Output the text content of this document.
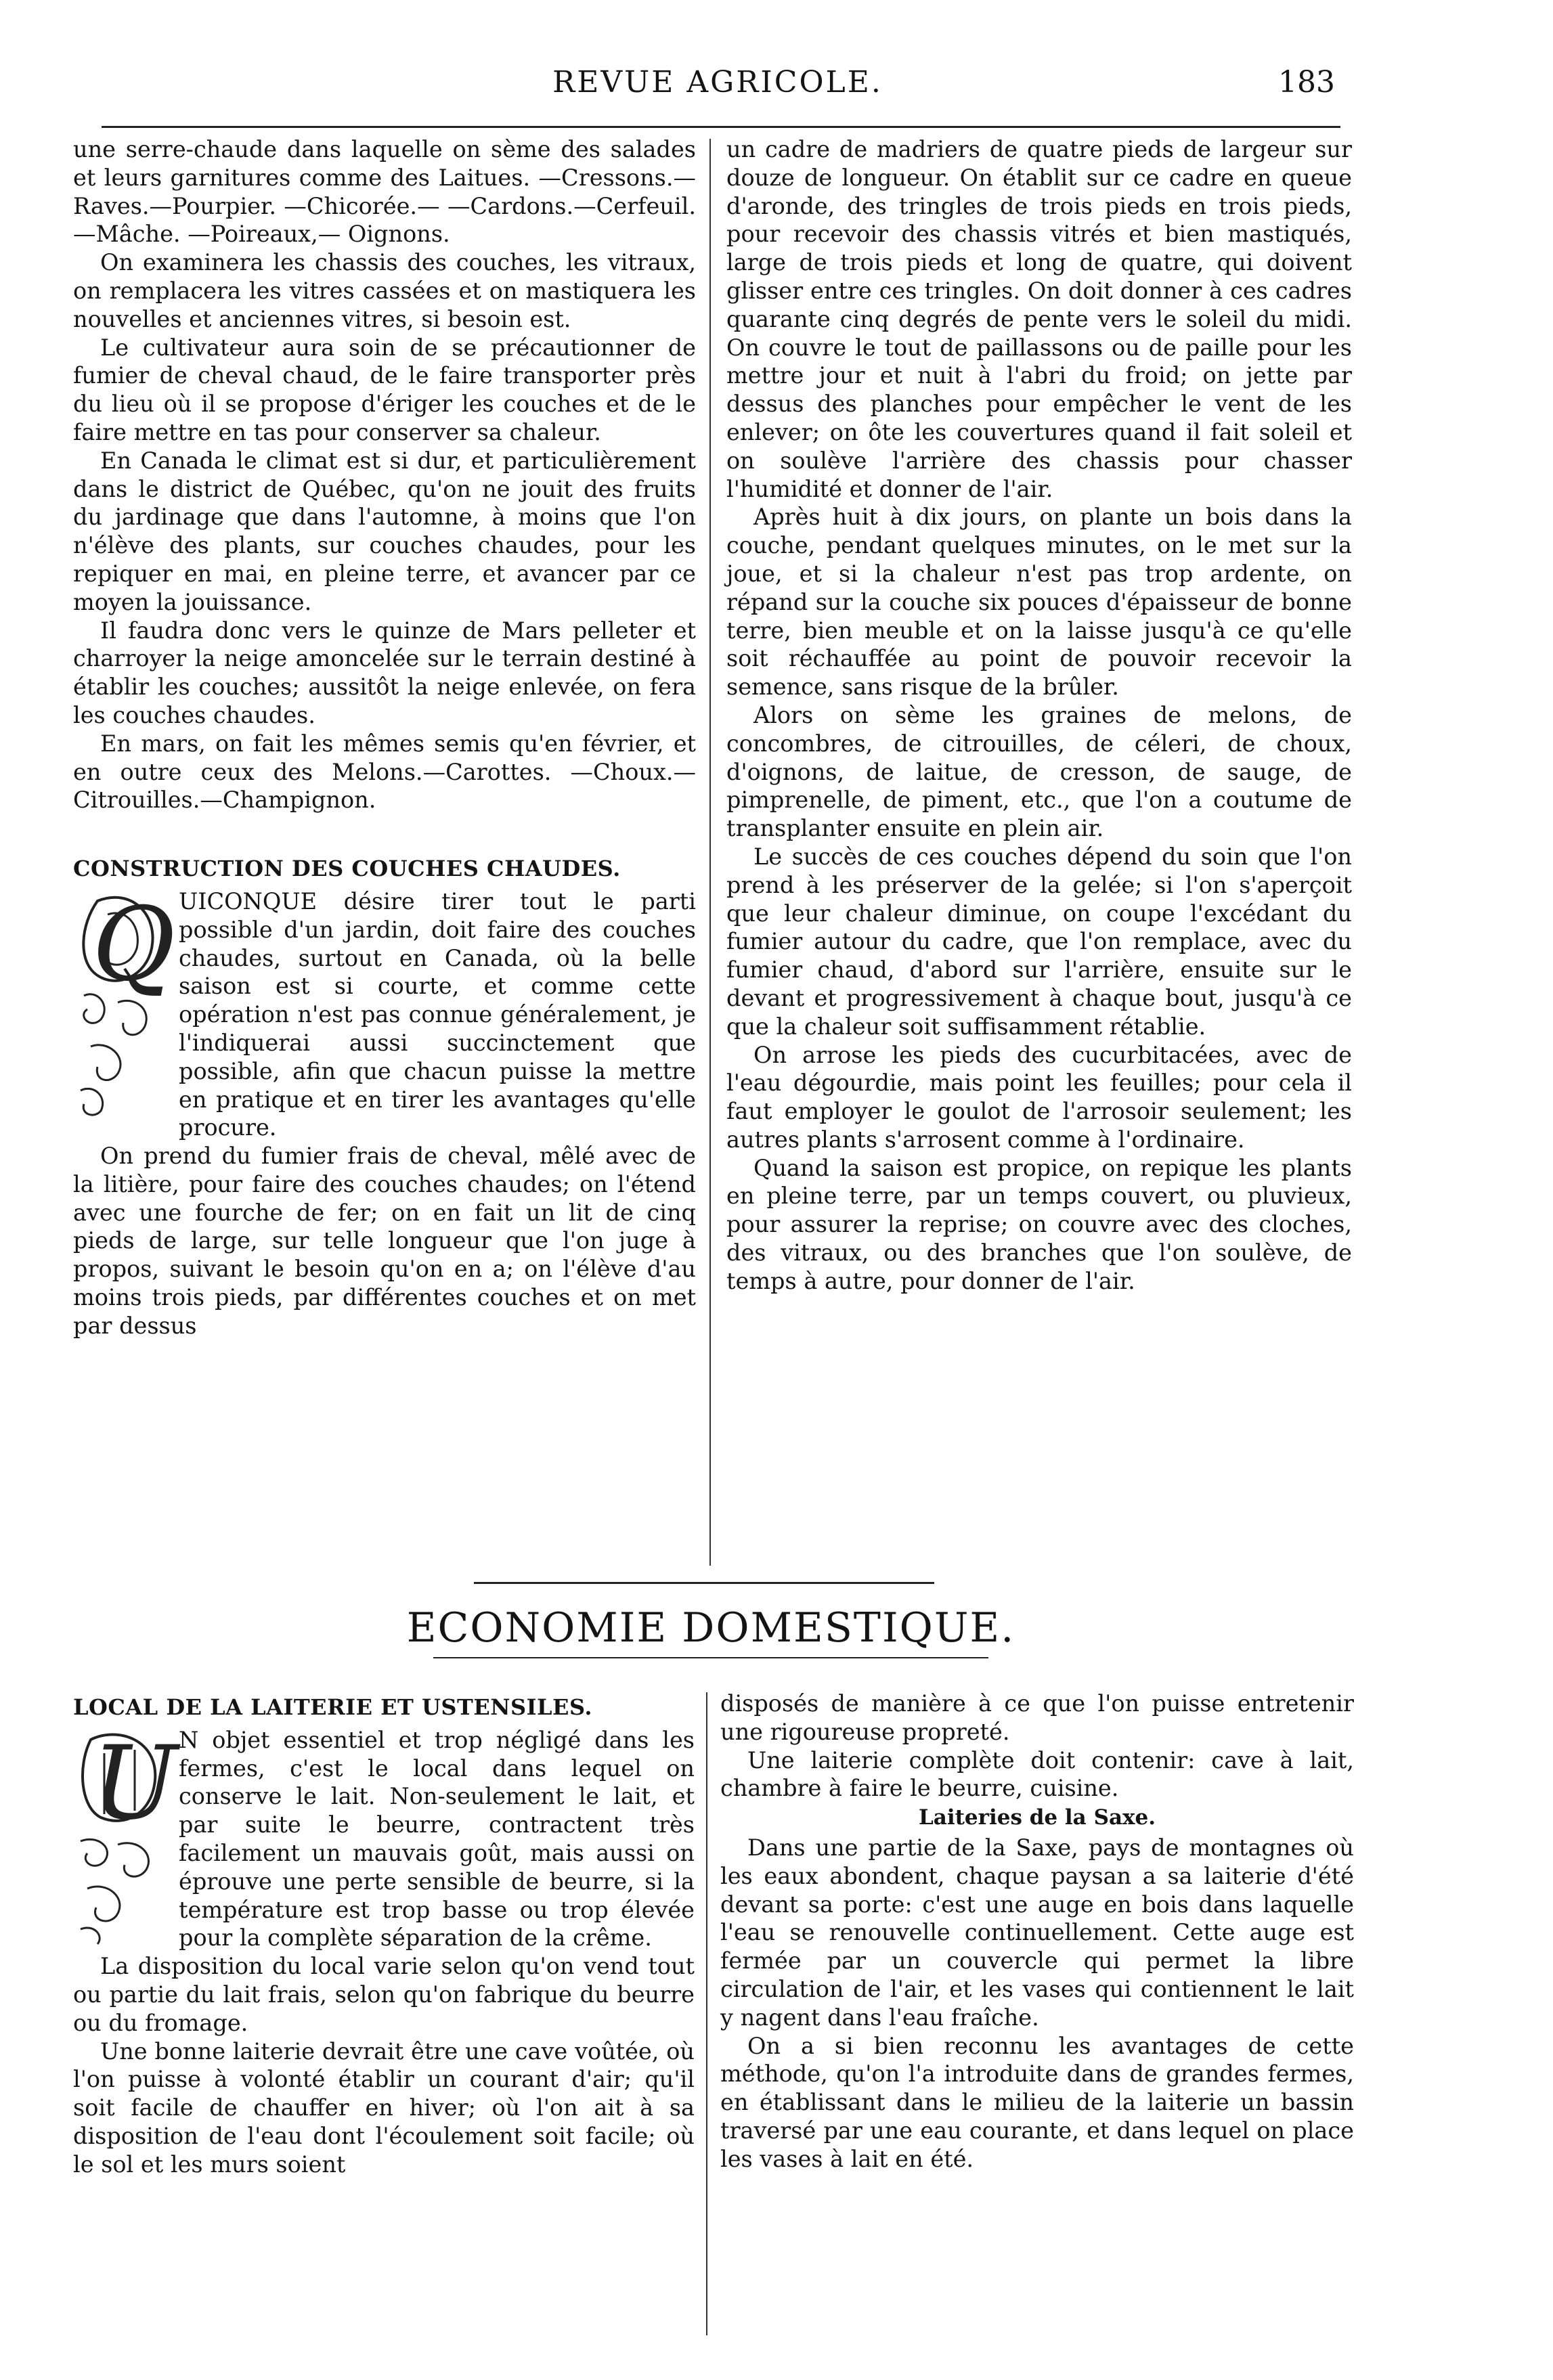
REVUE AGRICOLE.	183

une serre-chaude dans laquelle on sème des salades et leurs garnitures comme des Laitues. —Cressons.—Raves.—Pourpier. —Chicorée.— —Cardons.—Cerfeuil. —Mâche. —Poireaux,— Oignons.

On examinera les chassis des couches, les vitraux, on remplacera les vitres cassées et on mastiquera les nouvelles et anciennes vitres, si besoin est.

Le cultivateur aura soin de se précautionner de fumier de cheval chaud, de le faire transporter près du lieu où il se propose d'ériger les couches et de le faire mettre en tas pour conserver sa chaleur.

En Canada le climat est si dur, et particulièrement dans le district de Québec, qu'on ne jouit des fruits du jardinage que dans l'automne, à moins que l'on n'élève des plants, sur couches chaudes, pour les repiquer en mai, en pleine terre, et avancer par ce moyen la jouissance.

Il faudra donc vers le quinze de Mars pelleter et charroyer la neige amoncelée sur le terrain destiné à établir les couches; aussitôt la neige enlevée, on fera les couches chaudes.

En mars, on fait les mêmes semis qu'en février, et en outre ceux des Melons.—Carottes. —Choux.—Citrouilles.—Champignon.

CONSTRUCTION DES COUCHES CHAUDES.

Q UICONQUE désire tirer tout le parti possible d'un jardin, doit faire des couches chaudes, surtout en Canada, où la belle saison est si courte, et comme cette opération n'est pas connue généralement, je l'indiquerai aussi succinctement que possible, afin que chacun puisse la mettre en pratique et en tirer les avantages qu'elle procure.

On prend du fumier frais de cheval, mêlé avec de la litière, pour faire des couches chaudes; on l'étend avec une fourche de fer; on en fait un lit de cinq pieds de large, sur telle longueur que l'on juge à propos, suivant le besoin qu'on en a; on l'élève d'au moins trois pieds, par différentes couches et on met par dessus

un cadre de madriers de quatre pieds de largeur sur douze de longueur. On établit sur ce cadre en queue d'aronde, des tringles de trois pieds en trois pieds, pour recevoir des chassis vitrés et bien mastiqués, large de trois pieds et long de quatre, qui doivent glisser entre ces tringles. On doit donner à ces cadres quarante cinq degrés de pente vers le soleil du midi. On couvre le tout de paillassons ou de paille pour les mettre jour et nuit à l'abri du froid; on jette par dessus des planches pour empêcher le vent de les enlever; on ôte les couvertures quand il fait soleil et on soulève l'arrière des chassis pour chasser l'humidité et donner de l'air.

Après huit à dix jours, on plante un bois dans la couche, pendant quelques minutes, on le met sur la joue, et si la chaleur n'est pas trop ardente, on répand sur la couche six pouces d'épaisseur de bonne terre, bien meuble et on la laisse jusqu'à ce qu'elle soit réchauffée au point de pouvoir recevoir la semence, sans risque de la brûler.

Alors on sème les graines de melons, de concombres, de citrouilles, de céleri, de choux, d'oignons, de laitue, de cresson, de sauge, de pimprenelle, de piment, etc., que l'on a coutume de transplanter ensuite en plein air.

Le succès de ces couches dépend du soin que l'on prend à les préserver de la gelée; si l'on s'aperçoit que leur chaleur diminue, on coupe l'excédant du fumier autour du cadre, que l'on remplace, avec du fumier chaud, d'abord sur l'arrière, ensuite sur le devant et progressivement à chaque bout, jusqu'à ce que la chaleur soit suffisamment rétablie.

On arrose les pieds des cucurbitacées, avec de l'eau dégourdie, mais point les feuilles; pour cela il faut employer le goulot de l'arrosoir seulement; les autres plants s'arrosent comme à l'ordinaire.

Quand la saison est propice, on repique les plants en pleine terre, par un temps couvert, ou pluvieux, pour assurer la reprise; on couvre avec des cloches, des vitraux, ou des branches que l'on soulève, de temps à autre, pour donner de l'air.

ECONOMIE DOMESTIQUE.

LOCAL DE LA LAITERIE ET USTENSILES.

U N objet essentiel et trop négligé dans les fermes, c'est le local dans lequel on conserve le lait. Non-seulement le lait, et par suite le beurre, contractent très facilement un mauvais goût, mais aussi on éprouve une perte sensible de beurre, si la température est trop basse ou trop élevée pour la complète séparation de la crême.

La disposition du local varie selon qu'on vend tout ou partie du lait frais, selon qu'on fabrique du beurre ou du fromage.

Une bonne laiterie devrait être une cave voûtée, où l'on puisse à volonté établir un courant d'air; qu'il soit facile de chauffer en hiver; où l'on ait à sa disposition de l'eau dont l'écoulement soit facile; où le sol et les murs soient

disposés de manière à ce que l'on puisse entretenir une rigoureuse propreté.

Une laiterie complète doit contenir: cave à lait, chambre à faire le beurre, cuisine.

Laiteries de la Saxe.

Dans une partie de la Saxe, pays de montagnes où les eaux abondent, chaque paysan a sa laiterie d'été devant sa porte: c'est une auge en bois dans laquelle l'eau se renouvelle continuellement. Cette auge est fermée par un couvercle qui permet la libre circulation de l'air, et les vases qui contiennent le lait y nagent dans l'eau fraîche.

On a si bien reconnu les avantages de cette méthode, qu'on l'a introduite dans de grandes fermes, en établissant dans le milieu de la laiterie un bassin traversé par une eau courante, et dans lequel on place les vases à lait en été.
